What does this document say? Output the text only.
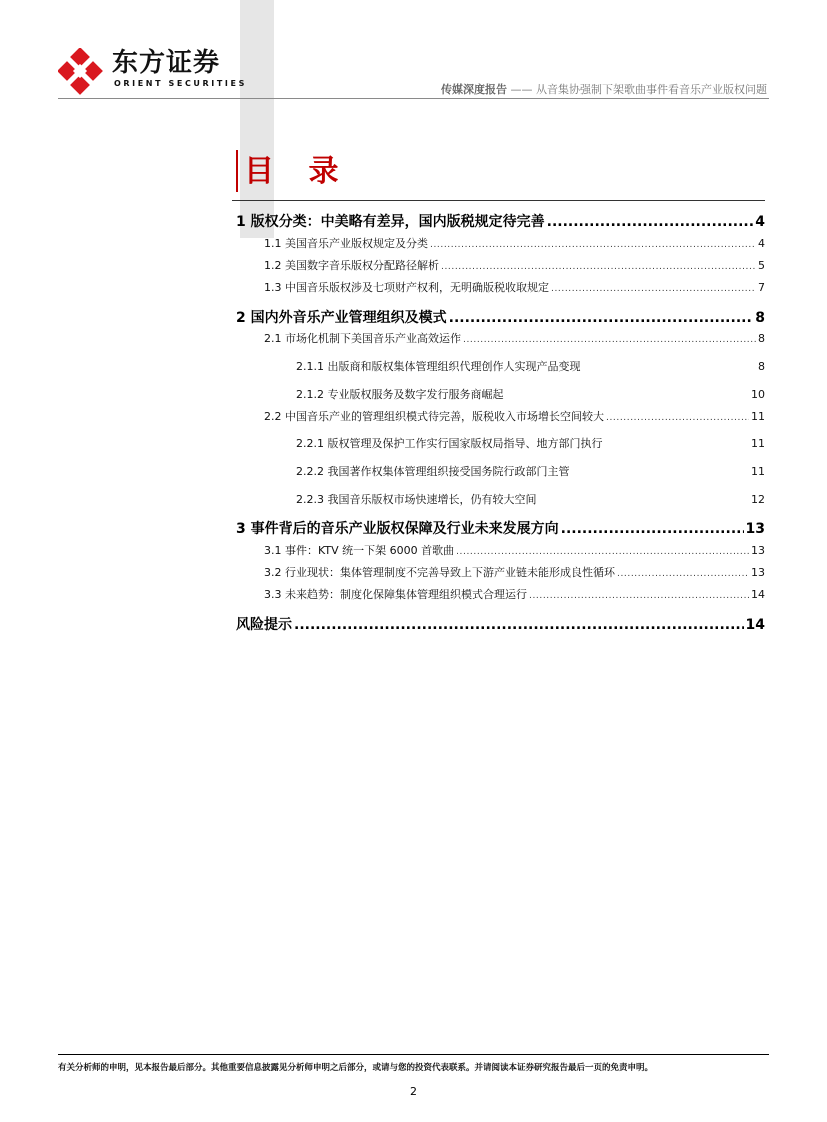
东方证券
ORIENT SECURITIES	传媒深度报告 —— 从音集协强制下架歌曲事件看音乐产业版权问题
目 录
1 版权分类：中美略有差异，国内版税规定待完善 .....	4
1.1 美国音乐产业版权规定及分类 .....	4
1.2 美国数字音乐版权分配路径解析 .....	5
1.3 中国音乐版权涉及七项财产权利，无明确版税收取规定 .....	7
2 国内外音乐产业管理组织及模式 .....	8
2.1 市场化机制下美国音乐产业高效运作 .....	8
2.1.1 出版商和版权集体管理组织代理创作人实现产品变现	8
2.1.2 专业版权服务及数字发行服务商崛起	10
2.2 中国音乐产业的管理组织模式待完善，版税收入市场增长空间较大 .....	11
2.2.1 版权管理及保护工作实行国家版权局指导、地方部门执行	11
2.2.2 我国著作权集体管理组织接受国务院行政部门主管	11
2.2.3 我国音乐版权市场快速增长，仍有较大空间	12
3 事件背后的音乐产业版权保障及行业未来发展方向 .....	13
3.1 事件：KTV 统一下架 6000 首歌曲 .....	13
3.2 行业现状：集体管理制度不完善导致上下游产业链未能形成良性循环 .....	13
3.3 未来趋势：制度化保障集体管理组织模式合理运行 .....	14
风险提示 .....	14
有关分析师的申明，见本报告最后部分。其他重要信息披露见分析师申明之后部分，或请与您的投资代表联系。并请阅读本证券研究报告最后一页的免责申明。
2
